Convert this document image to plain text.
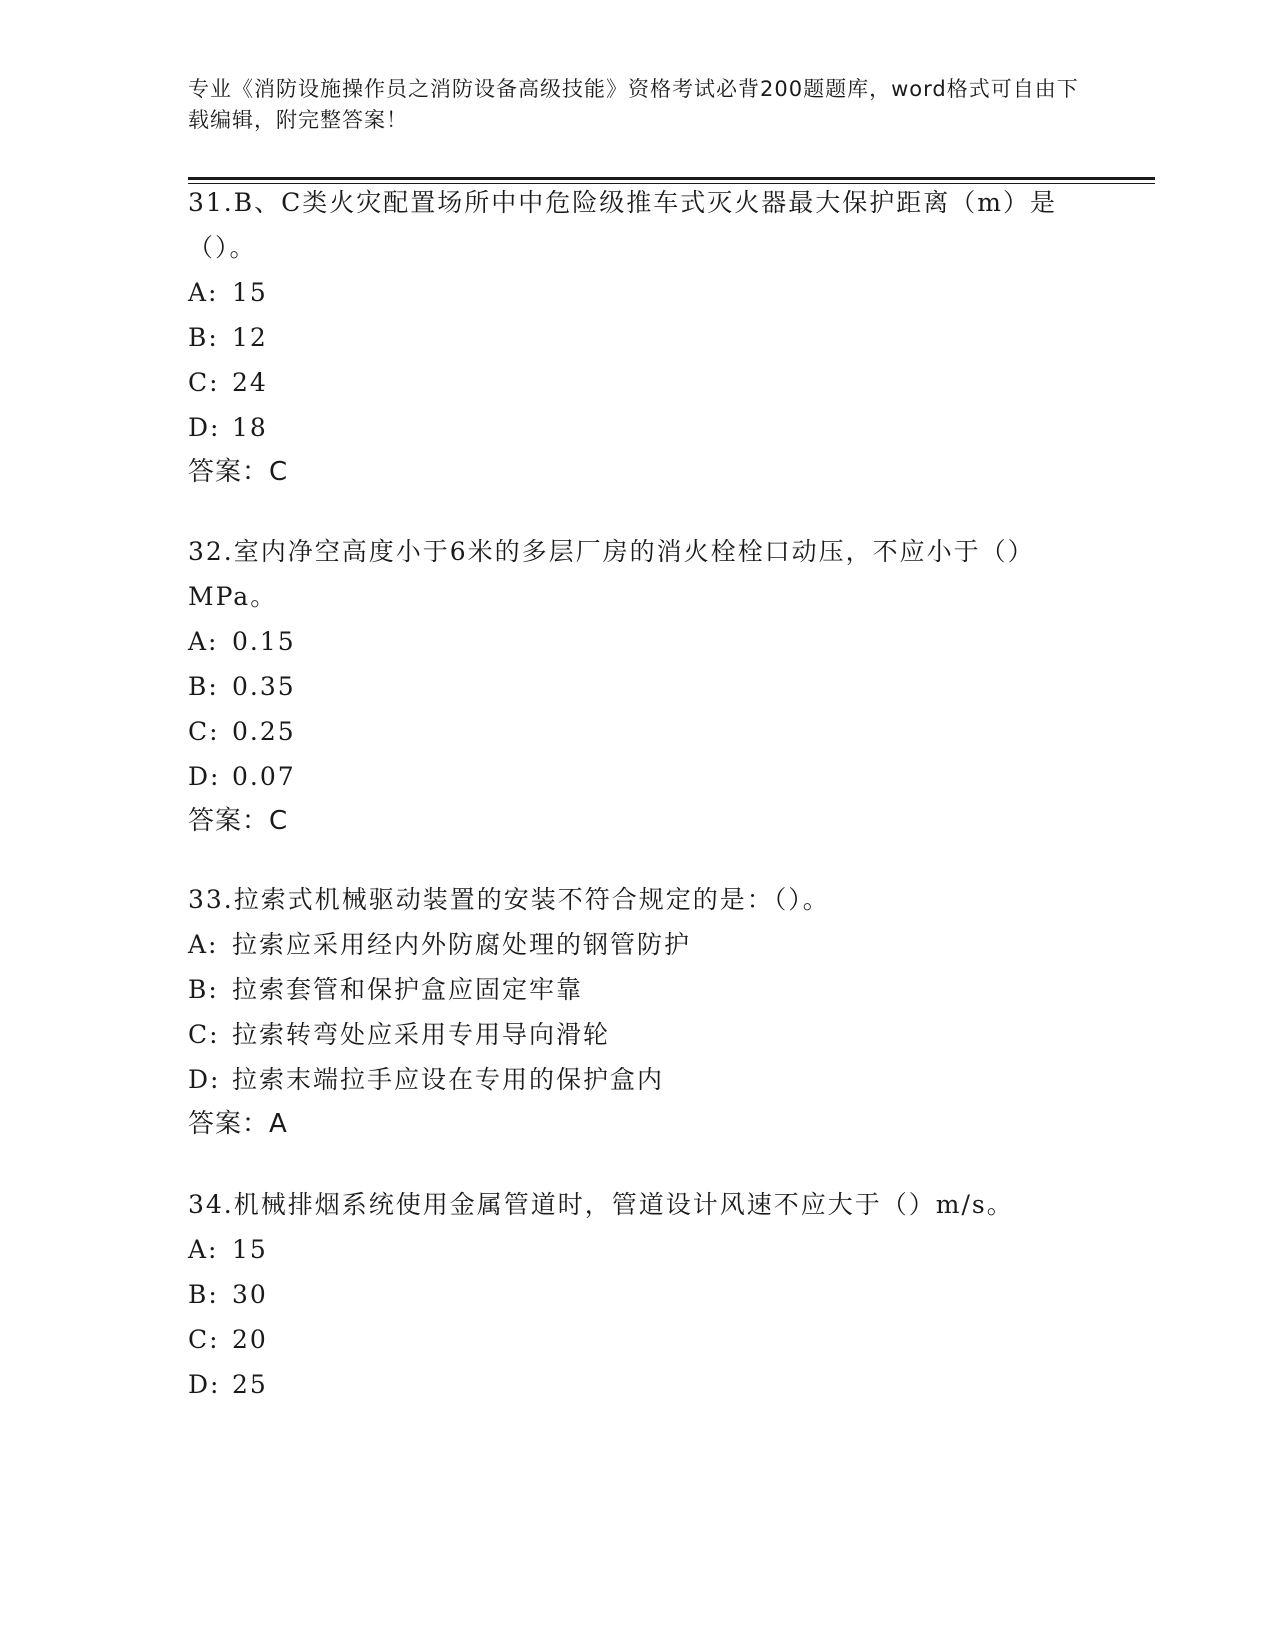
专业《消防设施操作员之消防设备高级技能》资格考试必背200题题库，word格式可自由下载编辑，附完整答案！

31.B、C类火灾配置场所中中危险级推车式灭火器最大保护距离（m）是（）。

A: 15
B: 12
C: 24
D: 18
答案：C

32.室内净空高度小于6米的多层厂房的消火栓栓口动压，不应小于（）MPa。

A: 0.15
B: 0.35
C: 0.25
D: 0.07
答案：C

33.拉索式机械驱动装置的安装不符合规定的是：（）。

A: 拉索应采用经内外防腐处理的钢管防护
B: 拉索套管和保护盒应固定牢靠
C: 拉索转弯处应采用专用导向滑轮
D: 拉索末端拉手应设在专用的保护盒内
答案：A

34.机械排烟系统使用金属管道时，管道设计风速不应大于（）m/s。

A: 15
B: 30
C: 20
D: 25
